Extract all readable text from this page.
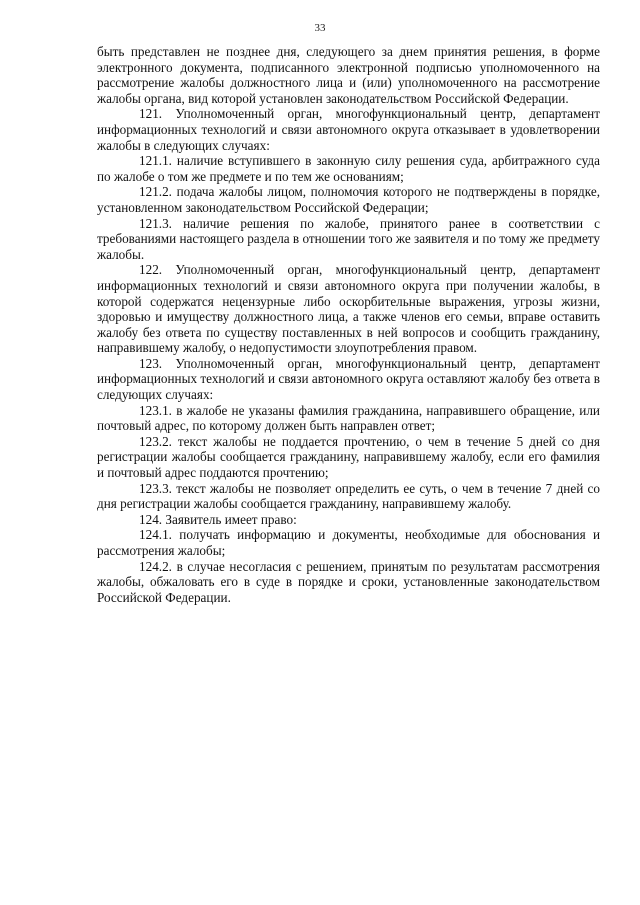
33

быть представлен не позднее дня, следующего за днем принятия решения, в форме электронного документа, подписанного электронной подписью уполномоченного на рассмотрение жалобы должностного лица и (или) уполномоченного на рассмотрение жалобы органа, вид которой установлен законодательством Российской Федерации.

121. Уполномоченный орган, многофункциональный центр, департамент информационных технологий и связи автономного округа отказывает в удовлетворении жалобы в следующих случаях:

121.1. наличие вступившего в законную силу решения суда, арбитражного суда по жалобе о том же предмете и по тем же основаниям;

121.2. подача жалобы лицом, полномочия которого не подтверждены в порядке, установленном законодательством Российской Федерации;

121.3. наличие решения по жалобе, принятого ранее в соответствии с требованиями настоящего раздела в отношении того же заявителя и по тому же предмету жалобы.

122. Уполномоченный орган, многофункциональный центр, департамент информационных технологий и связи автономного округа при получении жалобы, в которой содержатся нецензурные либо оскорбительные выражения, угрозы жизни, здоровью и имуществу должностного лица, а также членов его семьи, вправе оставить жалобу без ответа по существу поставленных в ней вопросов и сообщить гражданину, направившему жалобу, о недопустимости злоупотребления правом.

123. Уполномоченный орган, многофункциональный центр, департамент информационных технологий и связи автономного округа оставляют жалобу без ответа в следующих случаях:

123.1. в жалобе не указаны фамилия гражданина, направившего обращение, или почтовый адрес, по которому должен быть направлен ответ;

123.2. текст жалобы не поддается прочтению, о чем в течение 5 дней со дня регистрации жалобы сообщается гражданину, направившему жалобу, если его фамилия и почтовый адрес поддаются прочтению;

123.3. текст жалобы не позволяет определить ее суть, о чем в течение 7 дней со дня регистрации жалобы сообщается гражданину, направившему жалобу.

124. Заявитель имеет право:

124.1. получать информацию и документы, необходимые для обоснования и рассмотрения жалобы;

124.2. в случае несогласия с решением, принятым по результатам рассмотрения жалобы, обжаловать его в суде в порядке и сроки, установленные законодательством Российской Федерации.
